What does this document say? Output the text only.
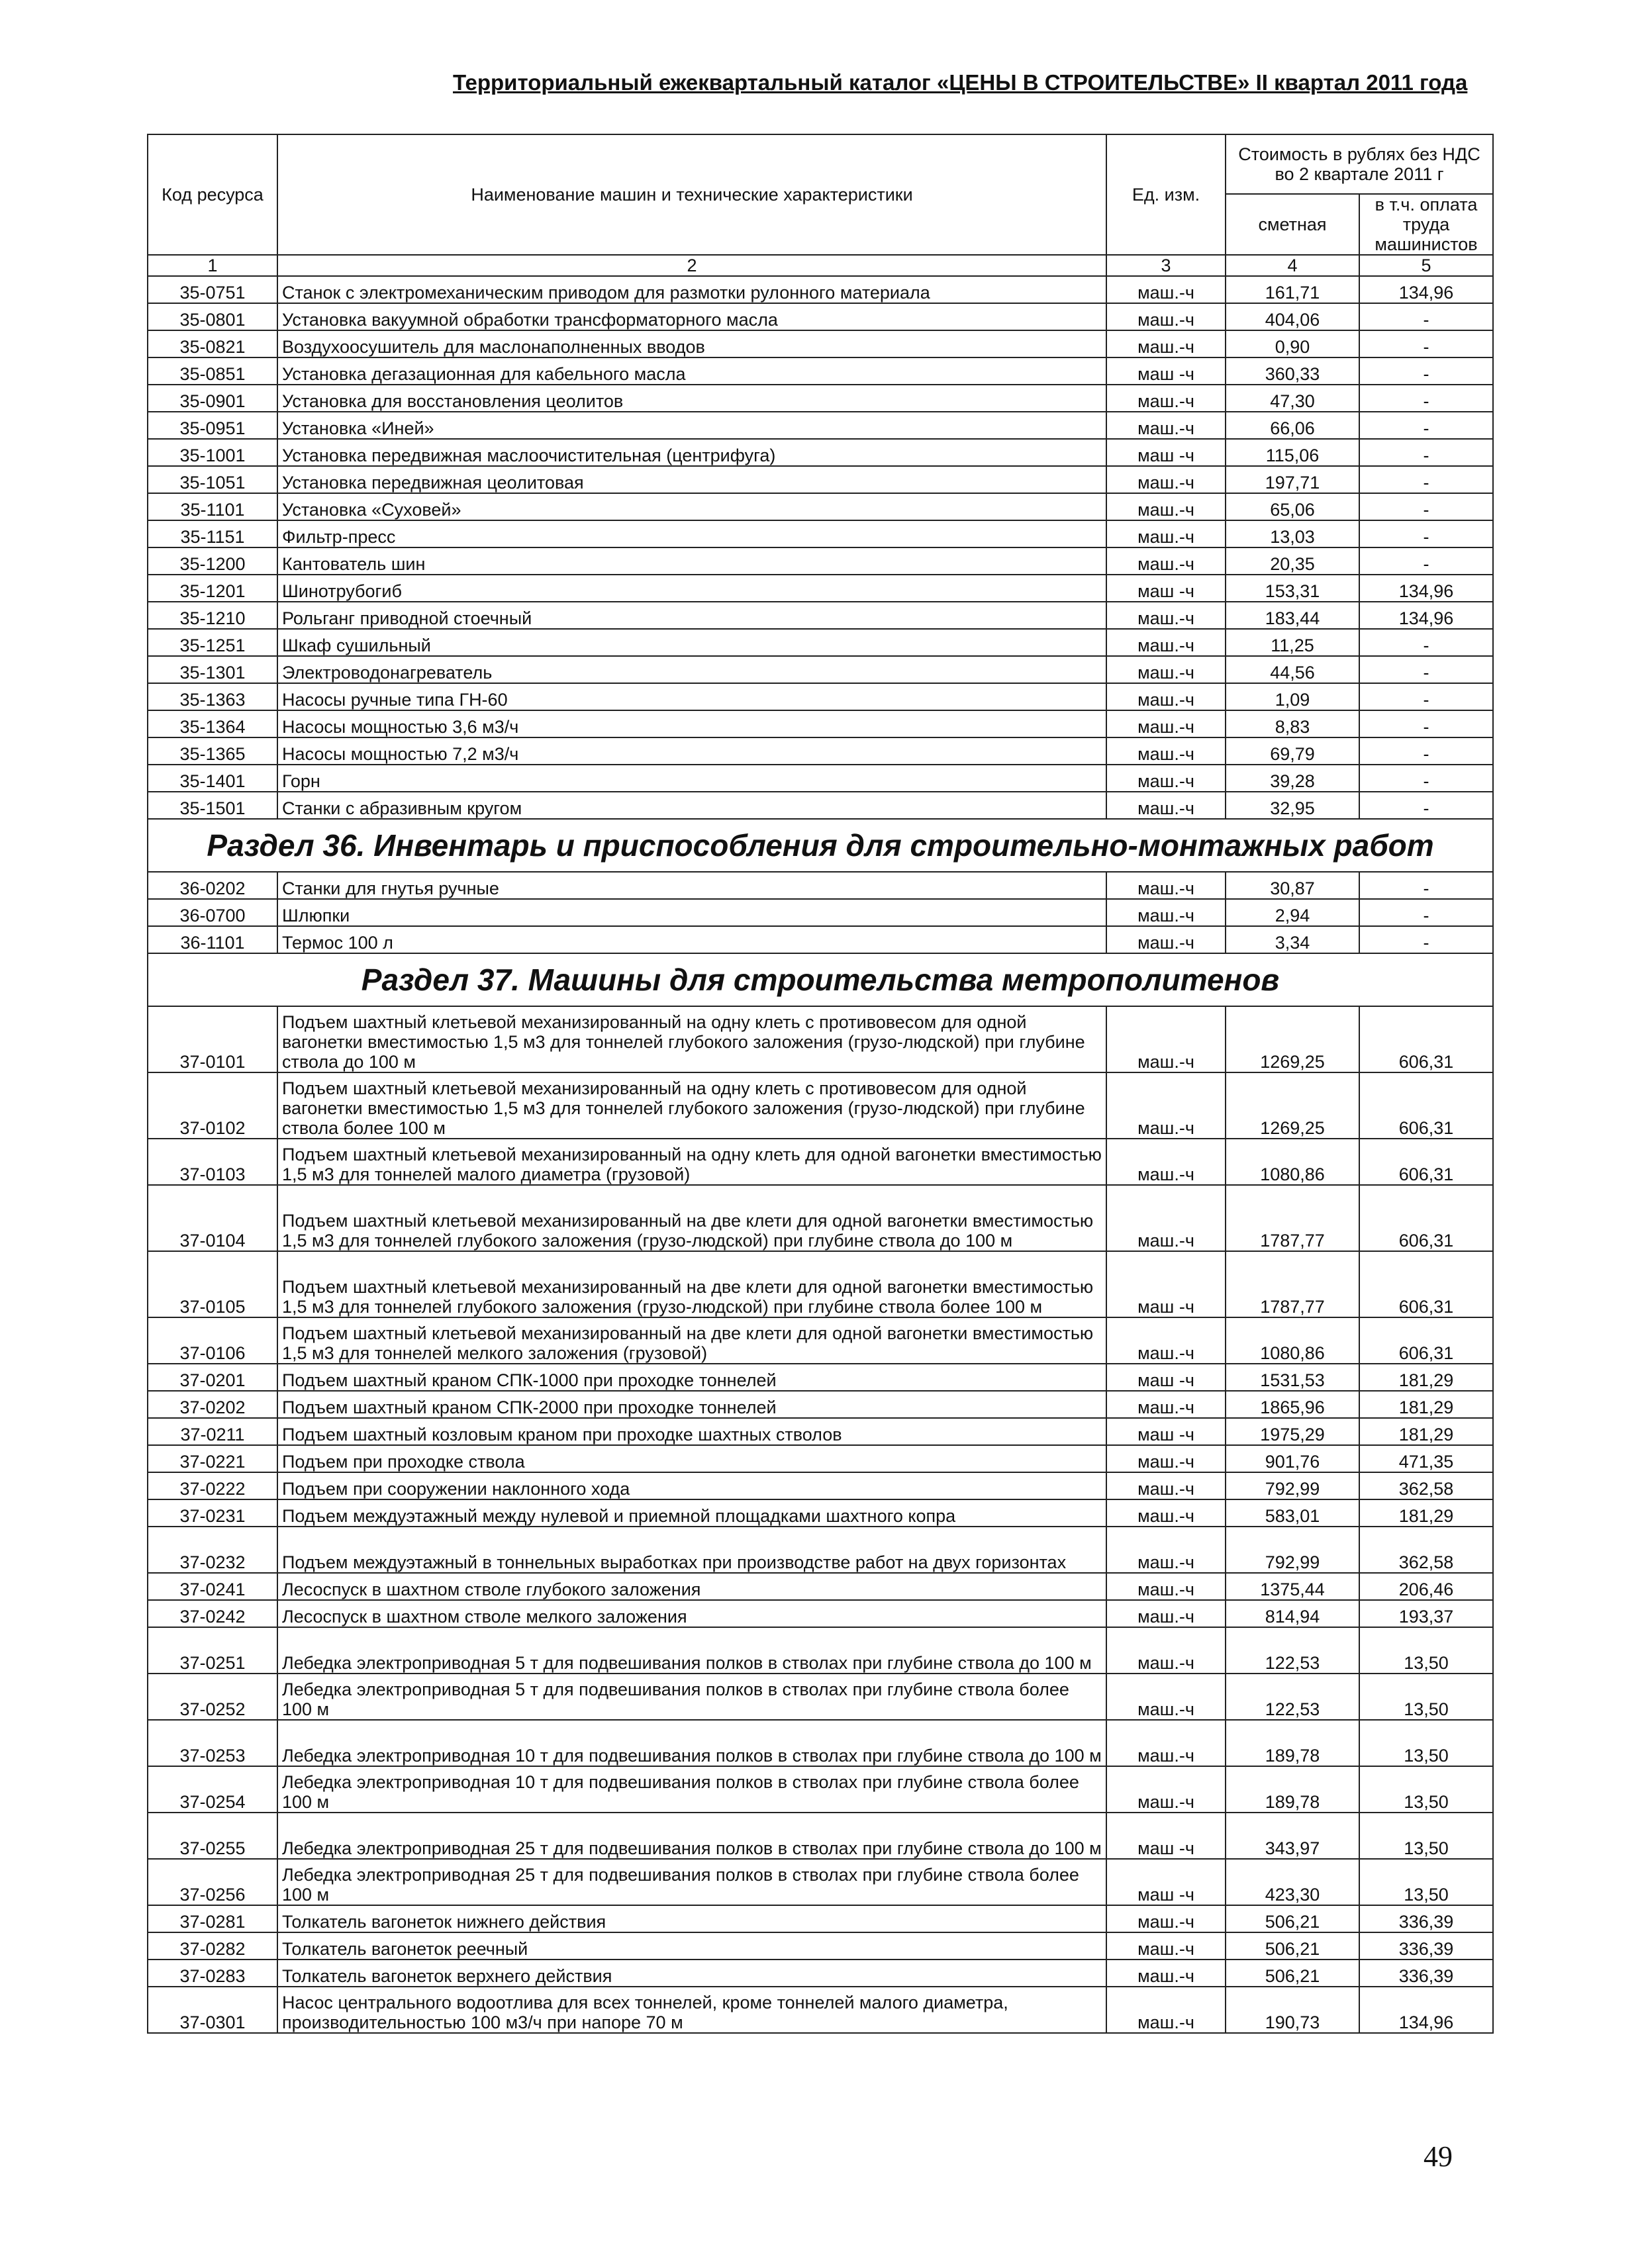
Территориальный ежеквартальный каталог «ЦЕНЫ В СТРОИТЕЛЬСТВЕ» II квартал 2011 года
Код ресурса	Наименование машин и технические характеристики	Ед. изм.	Стоимость в рублях без НДС во 2 квартале 2011 г	
			сметная	в т.ч. оплата труда машинистов
1	2	3	4	5
35-0751	Станок с электромеханическим приводом для размотки рулонного материала	маш.-ч	161,71	134,96
35-0801	Установка вакуумной обработки трансформаторного масла	маш.-ч	404,06	-
35-0821	Воздухоосушитель для маслонаполненных вводов	маш.-ч	0,90	-
35-0851	Установка дегазационная для кабельного масла	маш -ч	360,33	-
35-0901	Установка для восстановления цеолитов	маш.-ч	47,30	-
35-0951	Установка «Иней»	маш.-ч	66,06	-
35-1001	Установка передвижная маслоочистительная (центрифуга)	маш -ч	115,06	-
35-1051	Установка передвижная цеолитовая	маш.-ч	197,71	-
35-1101	Установка «Суховей»	маш.-ч	65,06	-
35-1151	Фильтр-пресс	маш.-ч	13,03	-
35-1200	Кантователь шин	маш.-ч	20,35	-
35-1201	Шинотрубогиб	маш -ч	153,31	134,96
35-1210	Рольганг приводной стоечный	маш.-ч	183,44	134,96
35-1251	Шкаф сушильный	маш.-ч	11,25	-
35-1301	Электроводонагреватель	маш.-ч	44,56	-
35-1363	Насосы ручные типа ГН-60	маш.-ч	1,09	-
35-1364	Насосы мощностью 3,6 м3/ч	маш.-ч	8,83	-
35-1365	Насосы мощностью 7,2 м3/ч	маш.-ч	69,79	-
35-1401	Горн	маш.-ч	39,28	-
35-1501	Станки с абразивным кругом	маш.-ч	32,95	-
Раздел 36. Инвентарь и приспособления для строительно-монтажных работ				
36-0202	Станки для гнутья ручные	маш.-ч	30,87	-
36-0700	Шлюпки	маш.-ч	2,94	-
36-1101	Термос 100 л	маш.-ч	3,34	-
Раздел 37. Машины для строительства метрополитенов				
37-0101	Подъем шахтный клетьевой механизированный на одну клеть с противовесом для одной вагонетки вместимостью 1,5 м3 для тоннелей глубокого заложения (грузо-людской) при глубине ствола до 100 м	маш.-ч	1269,25	606,31
37-0102	Подъем шахтный клетьевой механизированный на одну клеть с противовесом для одной вагонетки вместимостью 1,5 м3 для тоннелей глубокого заложения (грузо-людской) при глубине ствола более 100 м	маш.-ч	1269,25	606,31
37-0103	Подъем шахтный клетьевой механизированный на одну клеть для одной вагонетки вместимостью 1,5 м3 для тоннелей малого диаметра (грузовой)	маш.-ч	1080,86	606,31
37-0104	Подъем шахтный клетьевой механизированный на две клети для одной вагонетки вместимостью 1,5 м3 для тоннелей глубокого заложения (грузо-людской) при глубине ствола до 100 м	маш.-ч	1787,77	606,31
37-0105	Подъем шахтный клетьевой механизированный на две клети для одной вагонетки вместимостью 1,5 м3 для тоннелей глубокого заложения (грузо-людской) при глубине ствола более 100 м	маш -ч	1787,77	606,31
37-0106	Подъем шахтный клетьевой механизированный на две клети для одной вагонетки вместимостью 1,5 м3 для тоннелей мелкого заложения (грузовой)	маш.-ч	1080,86	606,31
37-0201	Подъем шахтный краном СПК-1000 при проходке тоннелей	маш -ч	1531,53	181,29
37-0202	Подъем шахтный краном СПК-2000 при проходке тоннелей	маш.-ч	1865,96	181,29
37-0211	Подъем шахтный козловым краном при проходке шахтных стволов	маш -ч	1975,29	181,29
37-0221	Подъем при проходке ствола	маш.-ч	901,76	471,35
37-0222	Подъем при сооружении наклонного хода	маш.-ч	792,99	362,58
37-0231	Подъем междуэтажный между нулевой и приемной площадками шахтного копра	маш.-ч	583,01	181,29
37-0232	Подъем междуэтажный в тоннельных выработках при производстве работ на двух горизонтах	маш.-ч	792,99	362,58
37-0241	Лесоспуск в шахтном стволе глубокого заложения	маш.-ч	1375,44	206,46
37-0242	Лесоспуск в шахтном стволе мелкого заложения	маш.-ч	814,94	193,37
37-0251	Лебедка электроприводная 5 т для подвешивания полков в стволах при глубине ствола до 100 м	маш.-ч	122,53	13,50
37-0252	Лебедка электроприводная 5 т для подвешивания полков в стволах при глубине ствола более 100 м	маш.-ч	122,53	13,50
37-0253	Лебедка электроприводная 10 т для подвешивания полков в стволах при глубине ствола до 100 м	маш.-ч	189,78	13,50
37-0254	Лебедка электроприводная 10 т для подвешивания полков в стволах при глубине ствола более 100 м	маш.-ч	189,78	13,50
37-0255	Лебедка электроприводная 25 т для подвешивания полков в стволах при глубине ствола до 100 м	маш -ч	343,97	13,50
37-0256	Лебедка электроприводная 25 т для подвешивания полков в стволах при глубине ствола более 100 м	маш -ч	423,30	13,50
37-0281	Толкатель вагонеток нижнего действия	маш.-ч	506,21	336,39
37-0282	Толкатель вагонеток реечный	маш.-ч	506,21	336,39
37-0283	Толкатель вагонеток верхнего действия	маш.-ч	506,21	336,39
37-0301	Насос центрального водоотлива для всех тоннелей, кроме тоннелей малого диаметра, производительностью 100 м3/ч при напоре 70 м	маш.-ч	190,73	134,96
49
